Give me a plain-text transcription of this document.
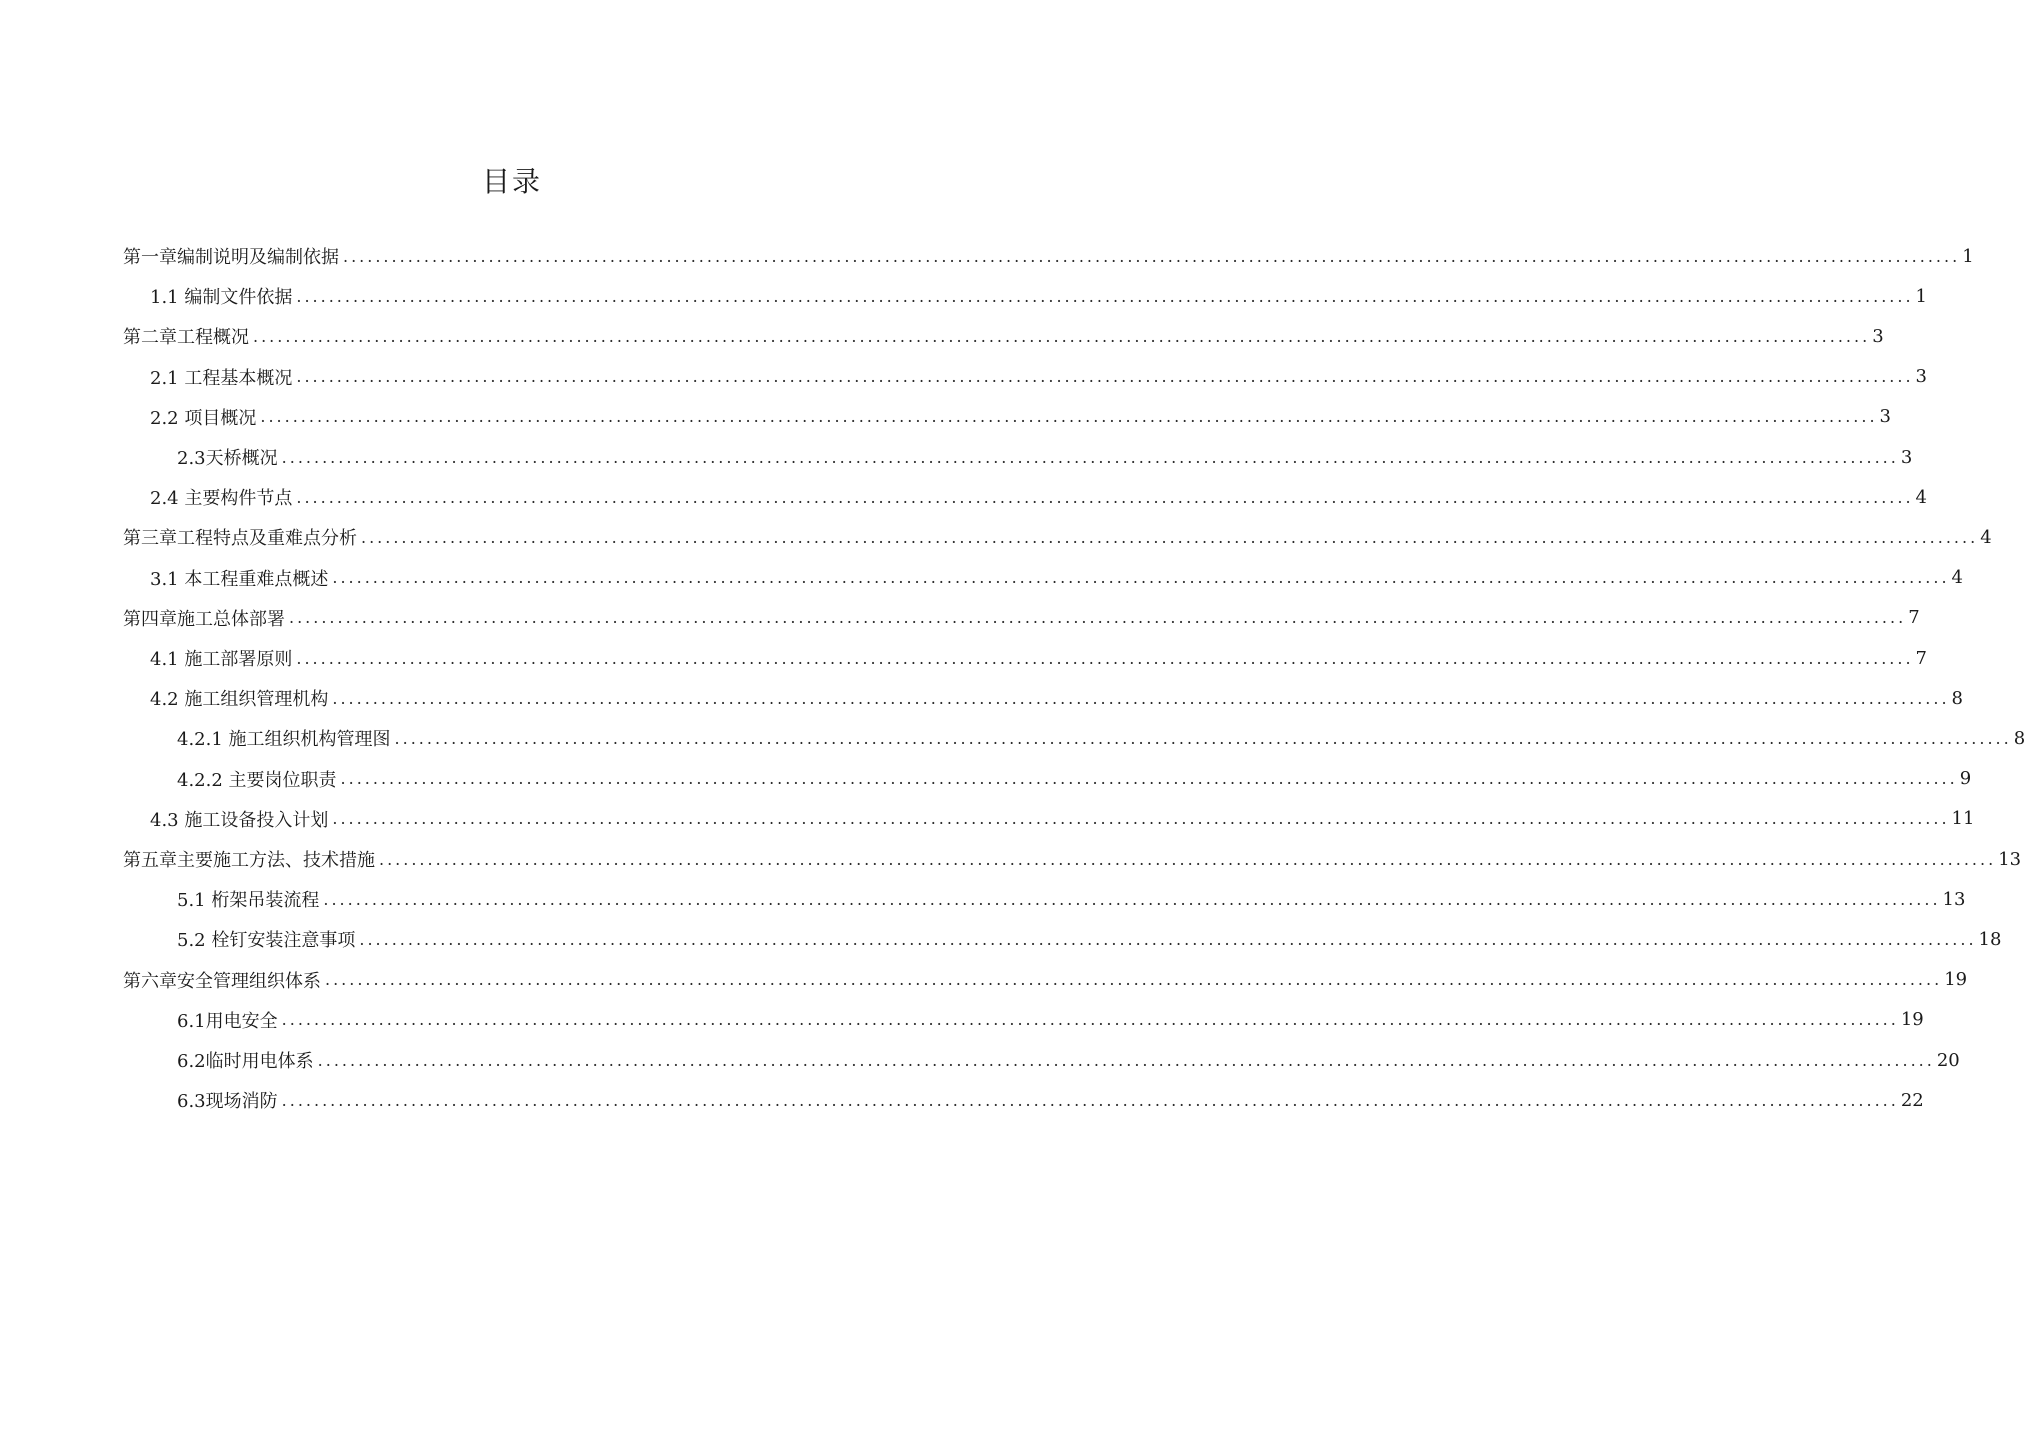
目录
第一章编制说明及编制依据 ........................................................................................................................................................................................................ 1
1.1 编制文件依据 ........................................................................................................................................................................................................ 1
第二章工程概况 ........................................................................................................................................................................................................ 3
2.1 工程基本概况 ........................................................................................................................................................................................................ 3
2.2 项目概况 ........................................................................................................................................................................................................ 3
2.3天桥概况 ........................................................................................................................................................................................................ 3
2.4 主要构件节点 ........................................................................................................................................................................................................ 4
第三章工程特点及重难点分析 ........................................................................................................................................................................................................ 4
3.1 本工程重难点概述 ........................................................................................................................................................................................................ 4
第四章施工总体部署 ........................................................................................................................................................................................................ 7
4.1 施工部署原则 ........................................................................................................................................................................................................ 7
4.2 施工组织管理机构 ........................................................................................................................................................................................................ 8
4.2.1 施工组织机构管理图 ........................................................................................................................................................................................................ 8
4.2.2 主要岗位职责 ........................................................................................................................................................................................................ 9
4.3 施工设备投入计划 ........................................................................................................................................................................................................ 11
第五章主要施工方法、技术措施 ........................................................................................................................................................................................................ 13
5.1 桁架吊装流程 ........................................................................................................................................................................................................ 13
5.2 栓钉安装注意事项 ........................................................................................................................................................................................................ 18
第六章安全管理组织体系 ........................................................................................................................................................................................................ 19
6.1用电安全 ........................................................................................................................................................................................................ 19
6.2临时用电体系 ........................................................................................................................................................................................................ 20
6.3现场消防 ........................................................................................................................................................................................................ 22
